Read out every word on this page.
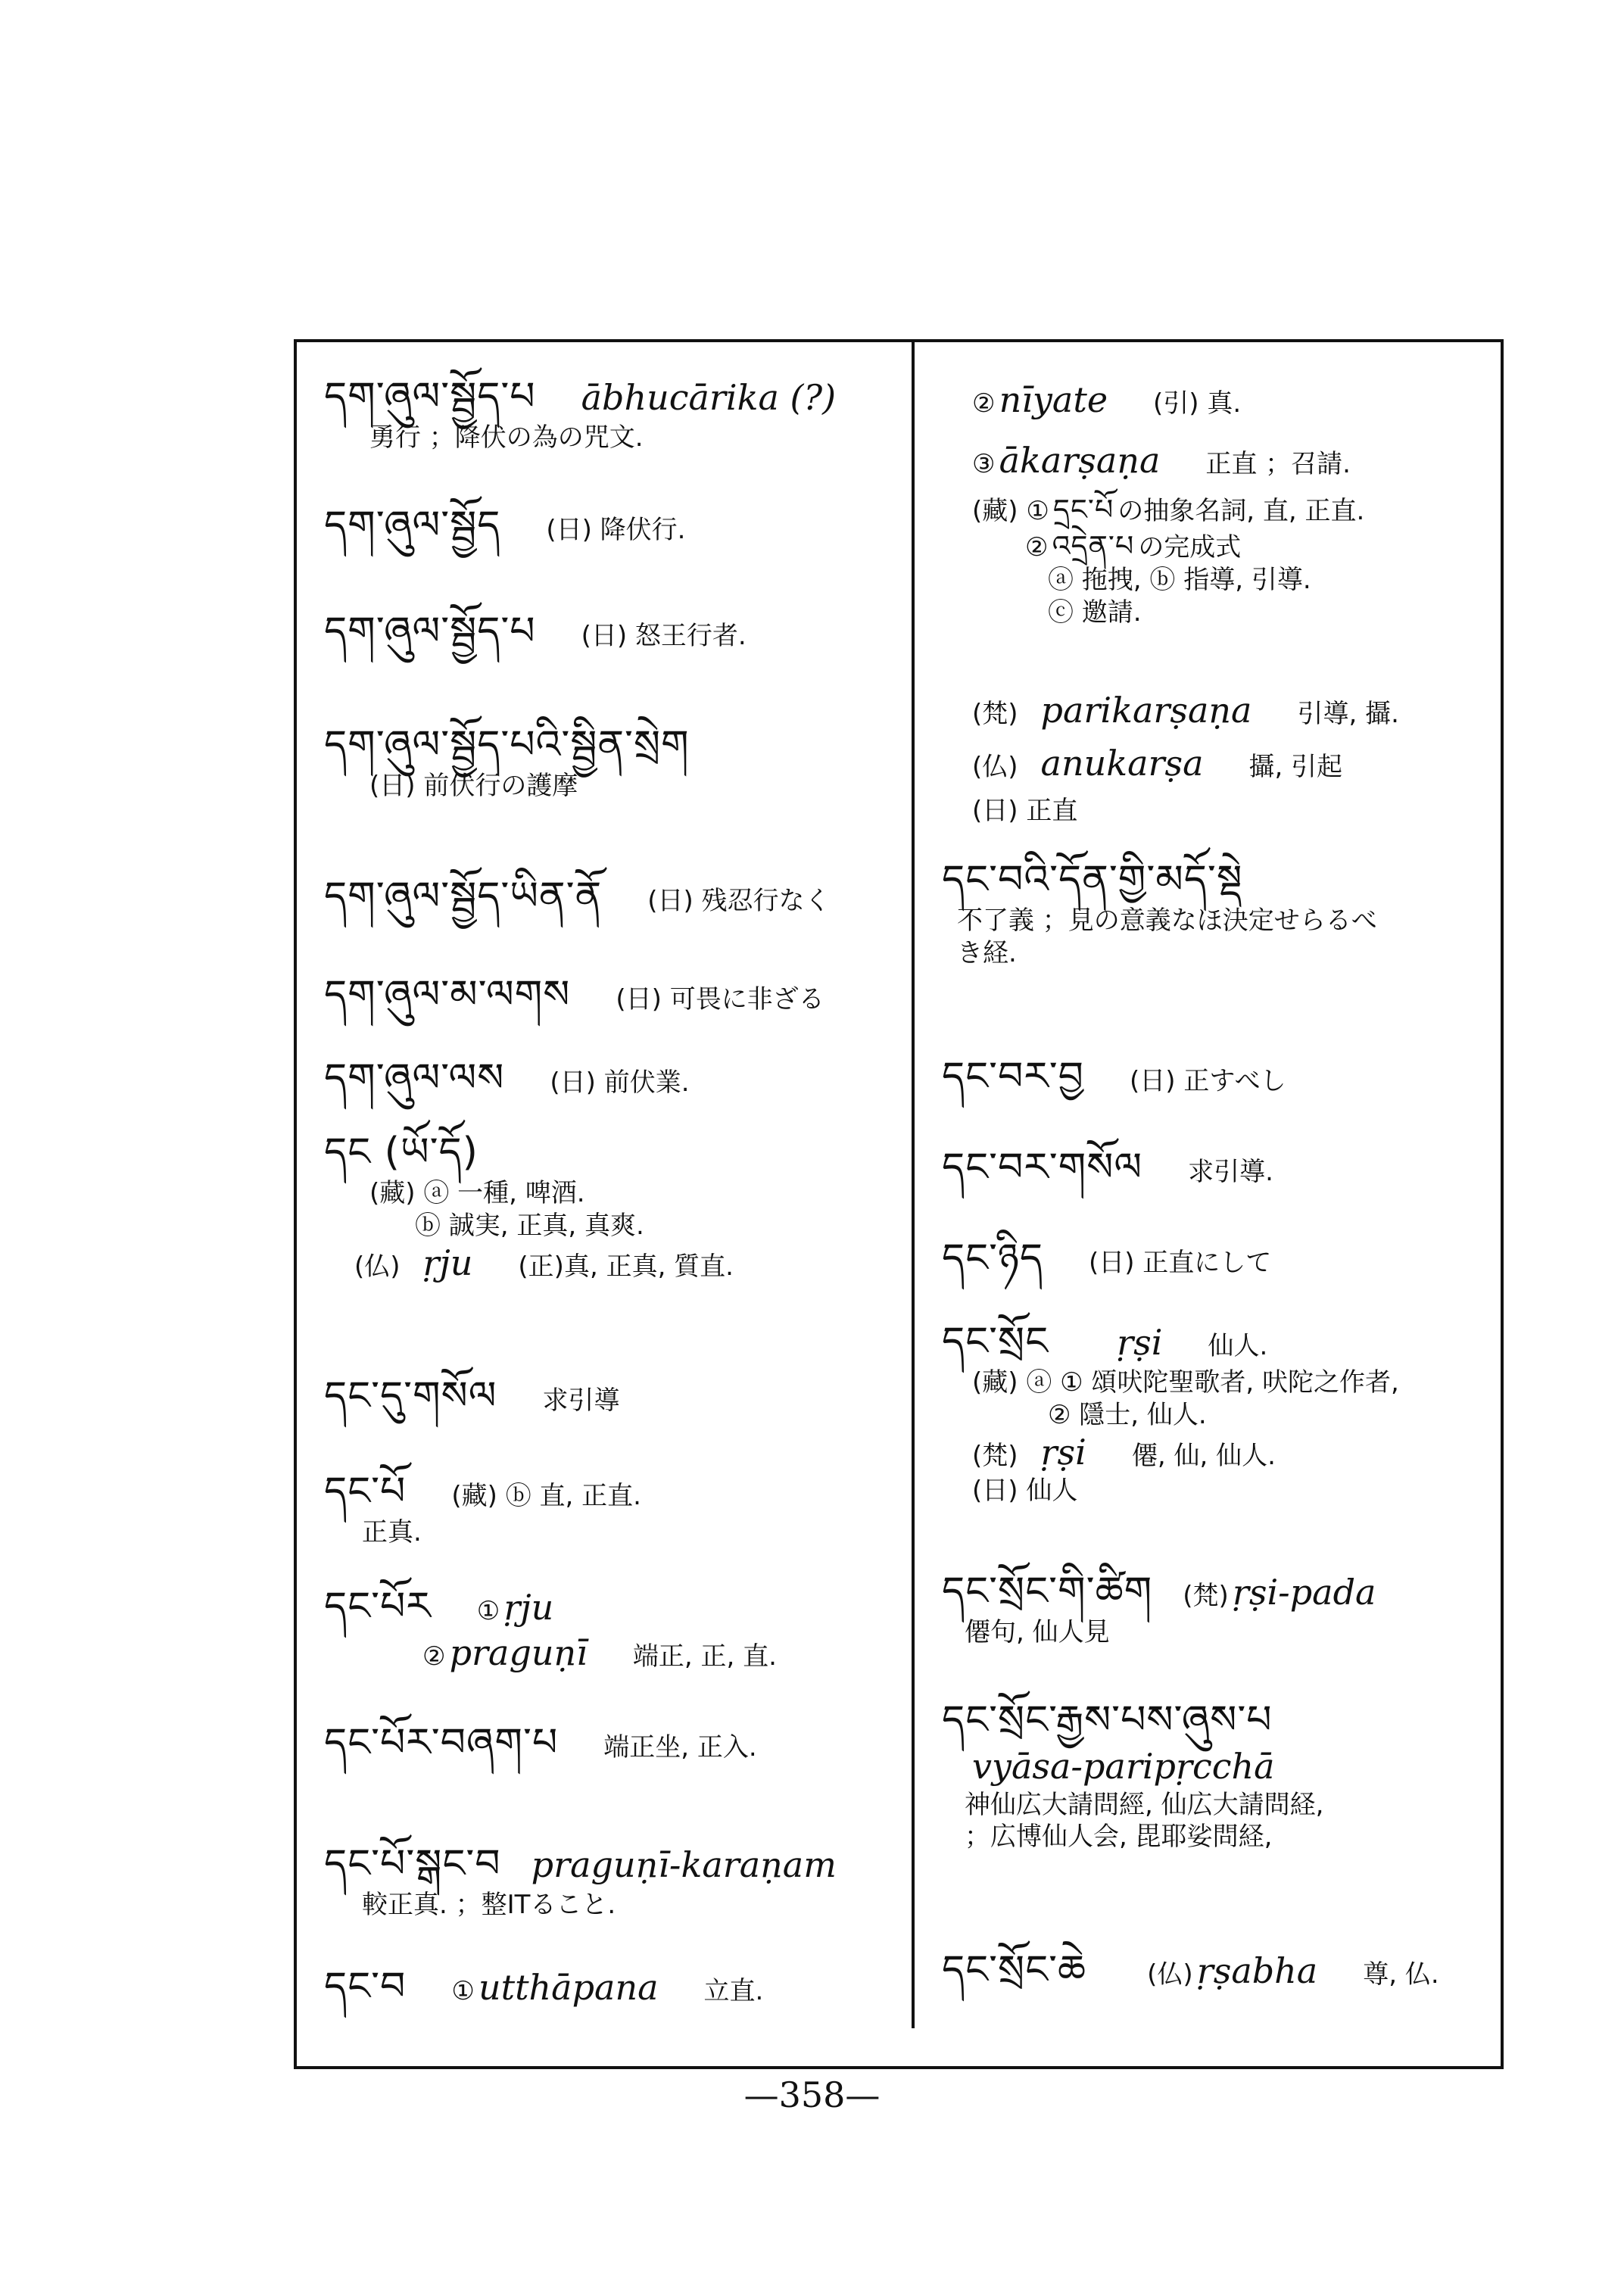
དག་ཞུལ་སྦྱོད་པ ābhucārika (?)
勇行 ；降伏の為の咒文.
དག་ཞུལ་སྦྱོད (日) 降伏行.
དག་ཞུལ་སྦྱོད་པ (日) 怒王行者.
དག་ཞུལ་སྦྱོད་པའི་སྦྱིན་སྲེག
(日) 前伏行の護摩
དག་ཞུལ་སྦྱོད་ཡིན་ནོ (日) 残忍行なく
དག་ཞུལ་མ་ལགས (日) 可畏に非ざる
དག་ཞུལ་ལས (日) 前伏業.
དང (ཡོ་དོ)
(藏) ⓐ 一種, 啤酒.
ⓑ 誠実, 正真, 真爽.
(仏) ṛju (正)真, 正真, 質直.
དང་དུ་གསོལ 求引導
དང་པོ (藏) ⓑ 直, 正直.
正真.
དང་པོར ① ṛju
② praguṇī 端正, 正, 直.
དང་པོར་བཞག་པ 端正坐, 正入.
དང་པོ་སྒང་བ praguṇī-karaṇam
較正真. ；整ITること.
དང་བ ① utthāpana 立直.
② nīyate (引) 真.
③ ākarṣaṇa 正直 ；召請.
(藏) ① དྲང་པོ の抽象名詞, 直, 正直.
② འདྲེན་པ の完成式
ⓐ 拖拽, ⓑ 指導, 引導.
ⓒ 邀請.
(梵) parikarṣaṇa 引導, 攝.
(仏) anukarṣa 攝, 引起
(日) 正直
དང་བའི་དོན་གྱི་མདོ་སྡེ
不了義 ；見の意義なほ決定せらるべ
き経.
དང་བར་བྱ (日) 正すべし
དང་བར་གསོལ 求引導.
དང་ཉིད (日) 正直にして
དང་སྲོང ṛṣi 仙人.
(藏) ⓐ ① 頌吠陀聖歌者, 吠陀之作者,
② 隱士, 仙人.
(梵) ṛṣi 僊, 仙, 仙人.
(日) 仙人
དང་སྲོང་གི་ཚིག (梵) ṛṣi-pada
僊句, 仙人見
དང་སྲོང་རྒྱས་པས་ཞུས་པ
vyāsa-paripṛcchā
神仙広大請問經, 仙広大請問経,
；広博仙人会, 毘耶娑問経,
དང་སྲོང་ཆེ (仏) ṛṣabha 尊, 仏.
—358—
